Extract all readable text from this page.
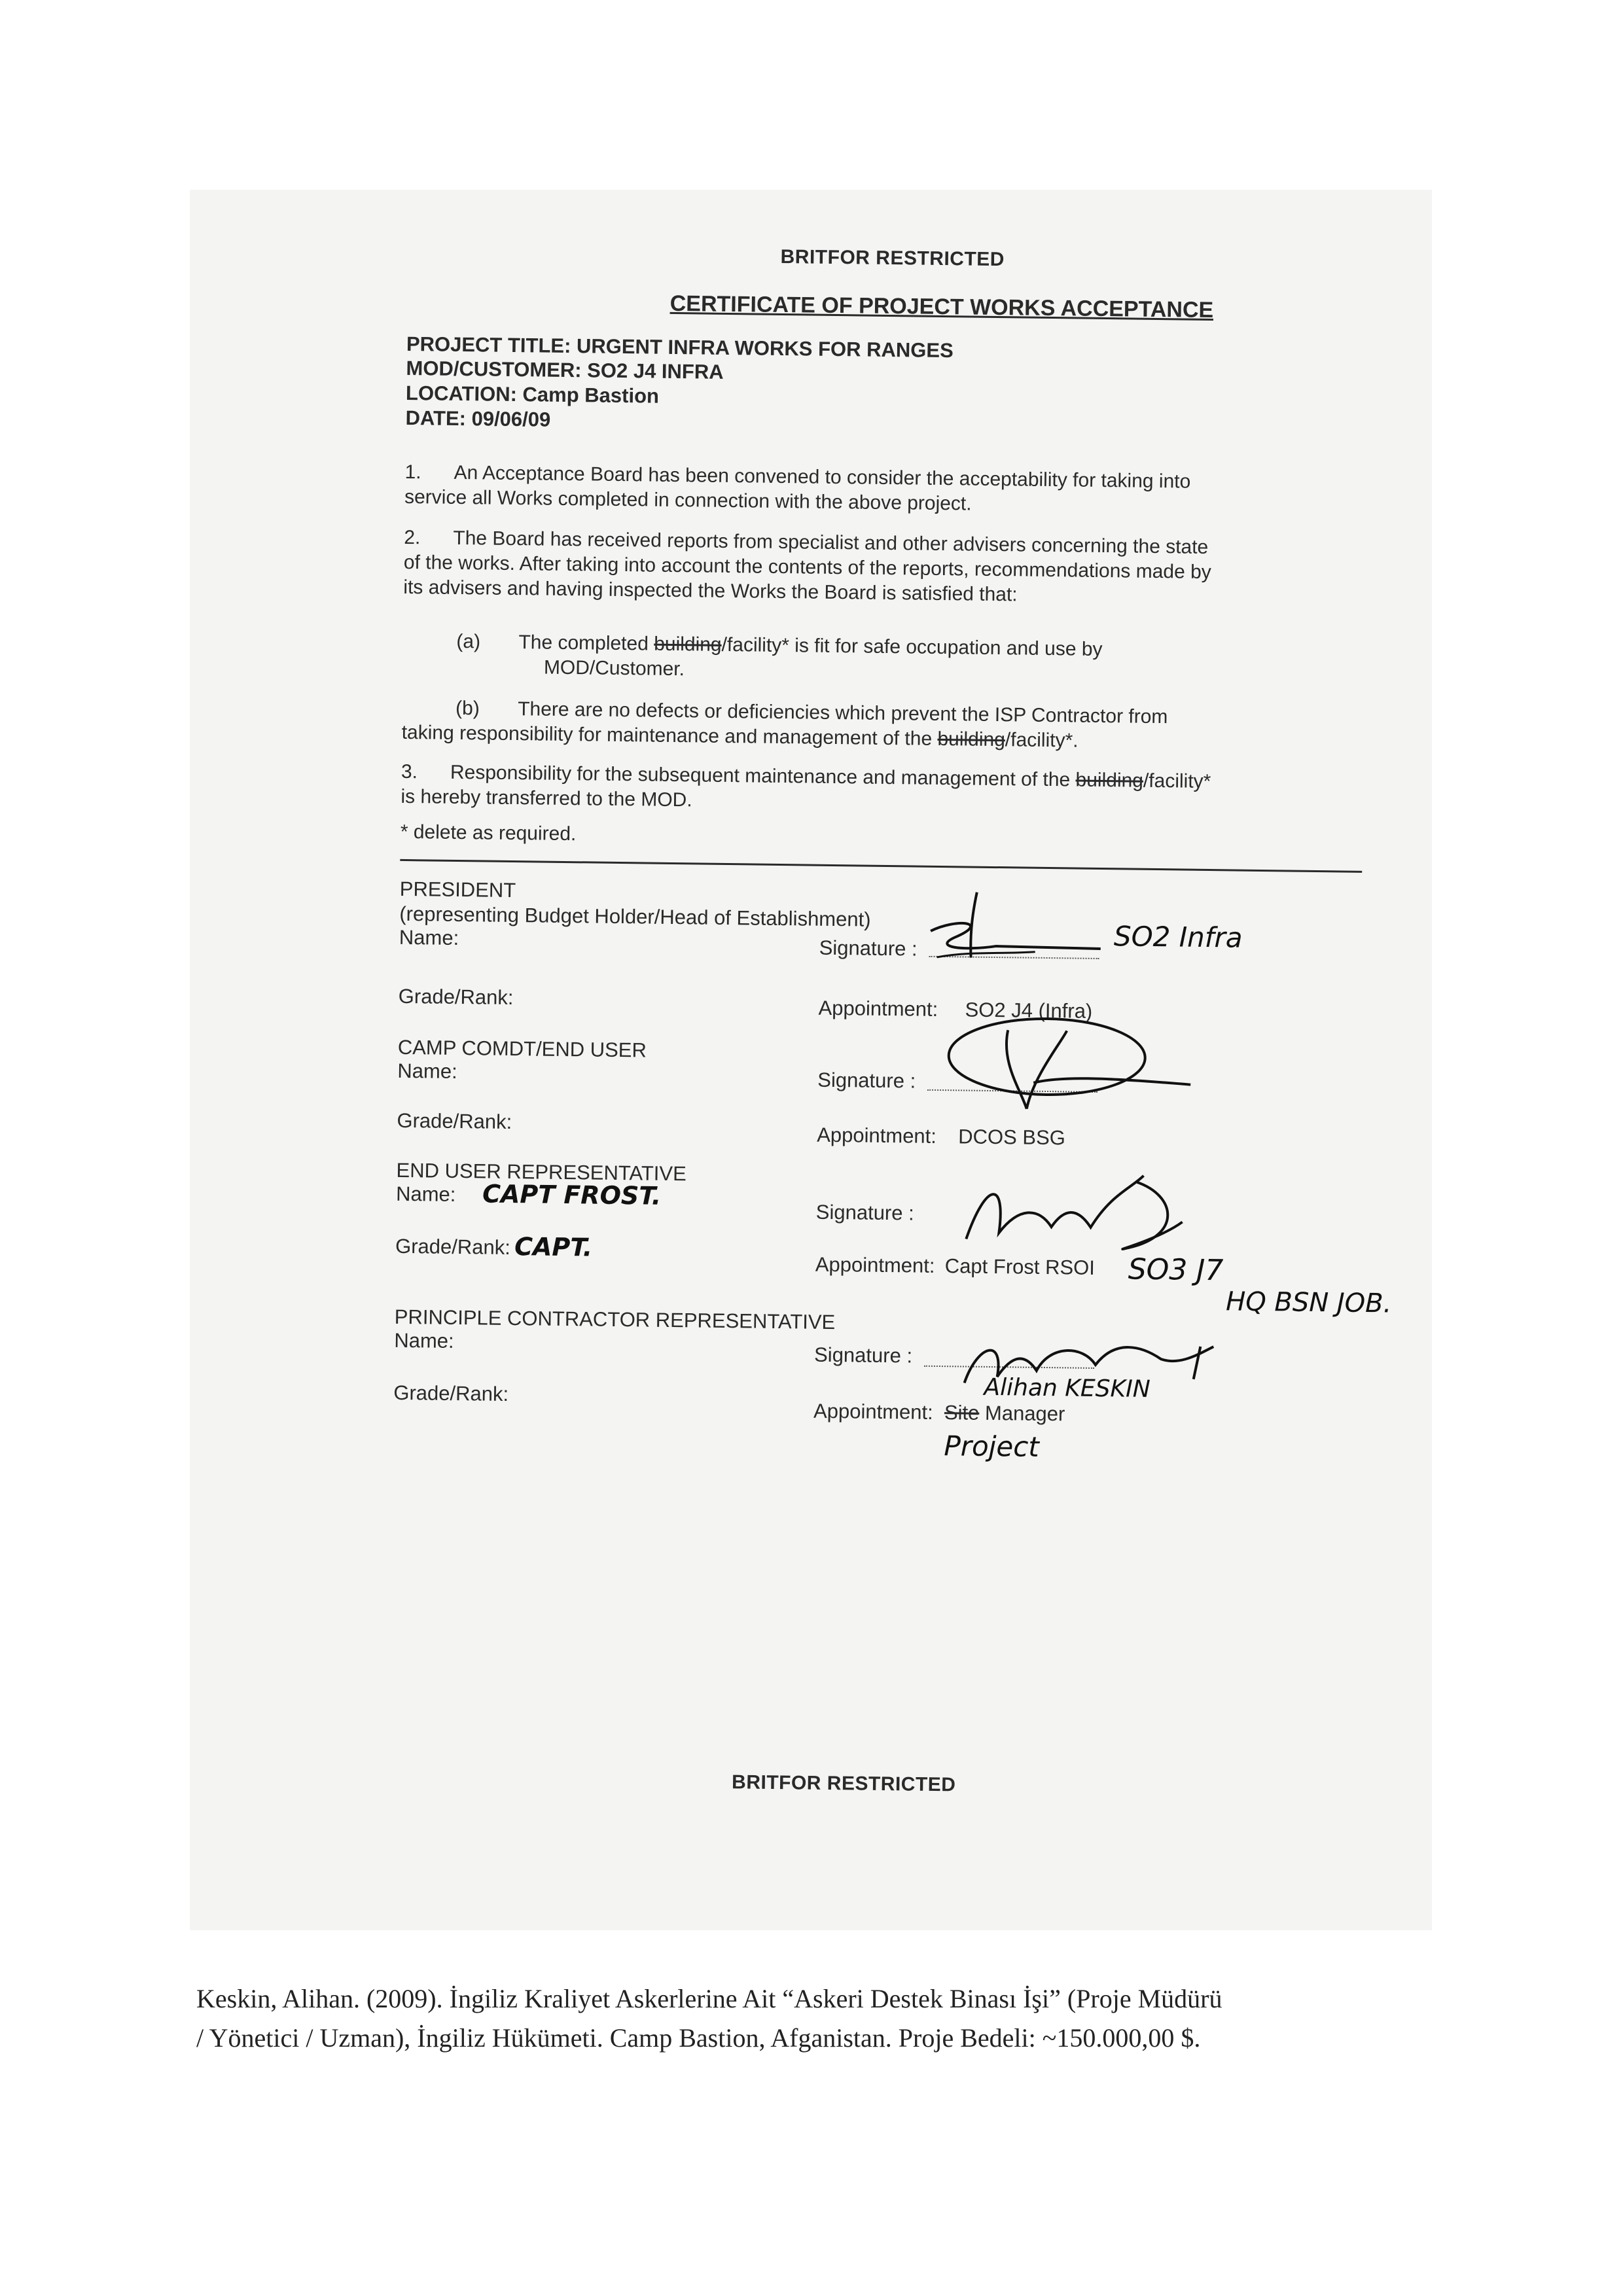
BRITFOR RESTRICTED
CERTIFICATE OF PROJECT WORKS ACCEPTANCE
PROJECT TITLE: URGENT INFRA WORKS FOR RANGES
MOD/CUSTOMER: SO2 J4 INFRA
LOCATION: Camp Bastion
DATE: 09/06/09
1. An Acceptance Board has been convened to consider the acceptability for taking into
service all Works completed in connection with the above project.
2. The Board has received reports from specialist and other advisers concerning the state
of the works. After taking into account the contents of the reports, recommendations made by
its advisers and having inspected the Works the Board is satisfied that:
(a) The completed building/facility* is fit for safe occupation and use by
MOD/Customer.
(b) There are no defects or deficiencies which prevent the ISP Contractor from
taking responsibility for maintenance and management of the building/facility*.
3. Responsibility for the subsequent maintenance and management of the building/facility*
is hereby transferred to the MOD.
* delete as required.
PRESIDENT
(representing Budget Holder/Head of Establishment)
Name:	Signature :	SO2 Infra
Grade/Rank:	Appointment: SO2 J4 (Infra)
CAMP COMDT/END USER
Name:	Signature :
Grade/Rank:
Appointment: DCOS BSG
END USER REPRESENTATIVE
Name: CAPT FROST.
Signature :
Grade/Rank: CAPT.
Appointment: Capt Frost RSOI SO3 J7
HQ BSN JOB.
PRINCIPLE CONTRACTOR REPRESENTATIVE
Name:
Signature :
Grade/Rank:
Appointment: Site Manager
Alihan KESKIN
Project
BRITFOR RESTRICTED
Keskin, Alihan. (2009). İngiliz Kraliyet Askerlerine Ait “Askeri Destek Binası İşi” (Proje Müdürü
/ Yönetici / Uzman), İngiliz Hükümeti. Camp Bastion, Afganistan. Proje Bedeli: ~150.000,00 $.
